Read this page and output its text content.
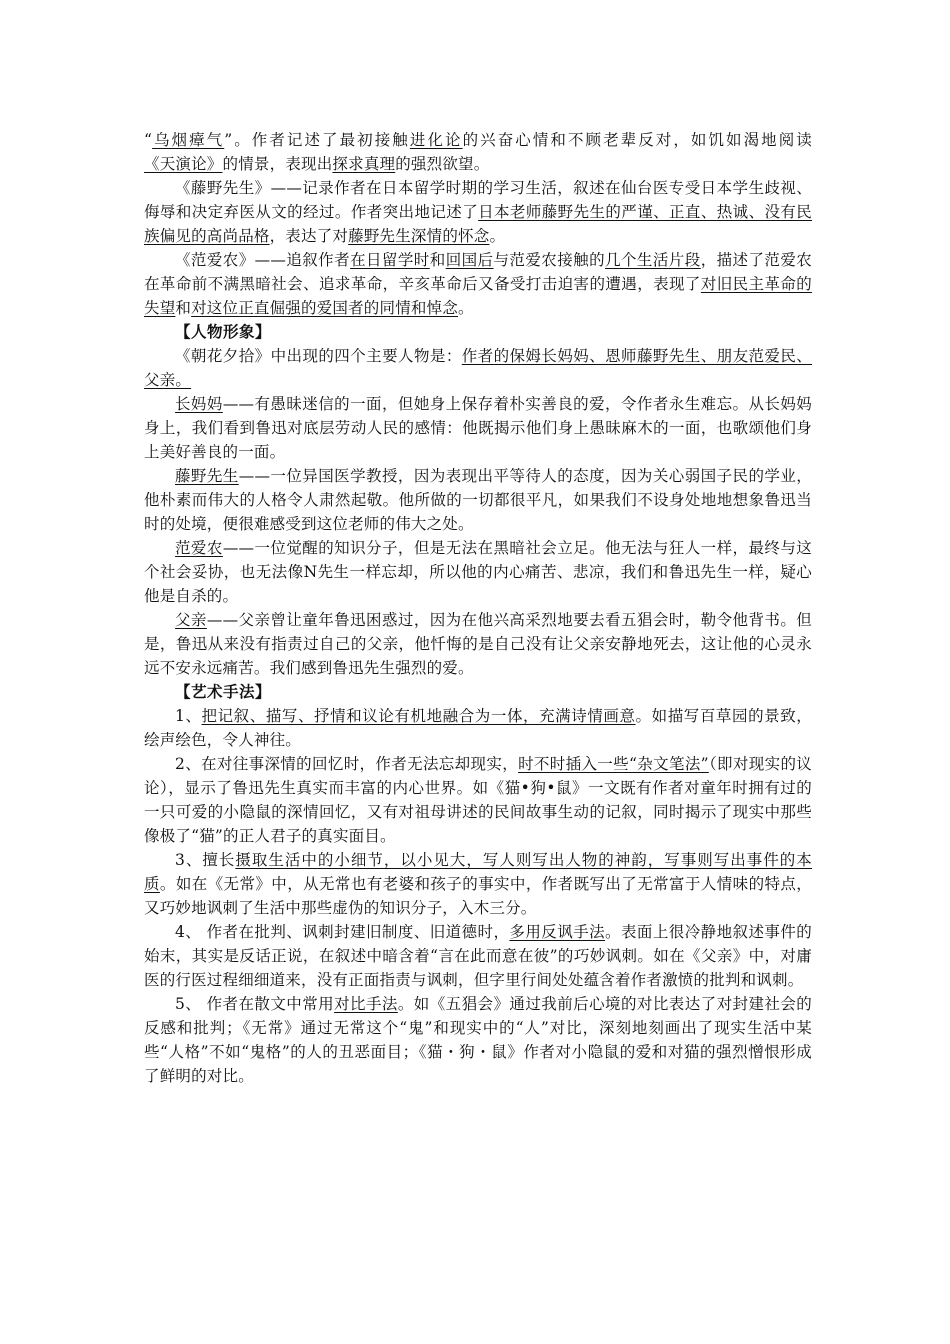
“乌烟瘴气”。作者记述了最初接触进化论的兴奋心情和不顾老辈反对，如饥如渴地阅读《天演论》的情景，表现出探求真理的强烈欲望。

《藤野先生》——记录作者在日本留学时期的学习生活，叙述在仙台医专受日本学生歧视、侮辱和决定弃医从文的经过。作者突出地记述了日本老师藤野先生的严谨、正直、热诚、没有民族偏见的高尚品格，表达了对藤野先生深情的怀念。

《范爱农》——追叙作者在日留学时和回国后与范爱农接触的几个生活片段，描述了范爱农在革命前不满黑暗社会、追求革命，辛亥革命后又备受打击迫害的遭遇，表现了对旧民主革命的失望和对这位正直倔强的爱国者的同情和悼念。

【人物形象】

《朝花夕拾》中出现的四个主要人物是：作者的保姆长妈妈、恩师藤野先生、朋友范爱民、父亲。

长妈妈——有愚昧迷信的一面，但她身上保存着朴实善良的爱，令作者永生难忘。从长妈妈身上，我们看到鲁迅对底层劳动人民的感情：他既揭示他们身上愚昧麻木的一面，也歌颂他们身上美好善良的一面。

藤野先生——一位异国医学教授，因为表现出平等待人的态度，因为关心弱国子民的学业，他朴素而伟大的人格令人肃然起敬。他所做的一切都很平凡，如果我们不设身处地地想象鲁迅当时的处境，便很难感受到这位老师的伟大之处。

范爱农——一位觉醒的知识分子，但是无法在黑暗社会立足。他无法与狂人一样，最终与这个社会妥协，也无法像N先生一样忘却，所以他的内心痛苦、悲凉，我们和鲁迅先生一样，疑心他是自杀的。

父亲——父亲曾让童年鲁迅困惑过，因为在他兴高采烈地要去看五猖会时，勒令他背书。但是，鲁迅从来没有指责过自己的父亲，他忏悔的是自己没有让父亲安静地死去，这让他的心灵永远不安永远痛苦。我们感到鲁迅先生强烈的爱。

【艺术手法】

1、把记叙、描写、抒情和议论有机地融合为一体，充满诗情画意。如描写百草园的景致，绘声绘色，令人神往。

2、在对往事深情的回忆时，作者无法忘却现实，时不时插入一些“杂文笔法”（即对现实的议论），显示了鲁迅先生真实而丰富的内心世界。如《猫•狗•鼠》一文既有作者对童年时拥有过的一只可爱的小隐鼠的深情回忆，又有对祖母讲述的民间故事生动的记叙，同时揭示了现实中那些像极了“猫”的正人君子的真实面目。

3、擅长摄取生活中的小细节，以小见大，写人则写出人物的神韵，写事则写出事件的本质。如在《无常》中，从无常也有老婆和孩子的事实中，作者既写出了无常富于人情味的特点，又巧妙地讽刺了生活中那些虚伪的知识分子，入木三分。

4、 作者在批判、讽刺封建旧制度、旧道德时，多用反讽手法。表面上很冷静地叙述事件的始末，其实是反话正说，在叙述中暗含着“言在此而意在彼”的巧妙讽刺。如在《父亲》中，对庸医的行医过程细细道来，没有正面指责与讽刺，但字里行间处处蕴含着作者激愤的批判和讽刺。

5、 作者在散文中常用对比手法。如《五猖会》通过我前后心境的对比表达了对封建社会的反感和批判；《无常》通过无常这个“鬼”和现实中的“人”对比，深刻地刻画出了现实生活中某些“人格”不如“鬼格”的人的丑恶面目；《猫・狗・鼠》作者对小隐鼠的爱和对猫的强烈憎恨形成了鲜明的对比。
